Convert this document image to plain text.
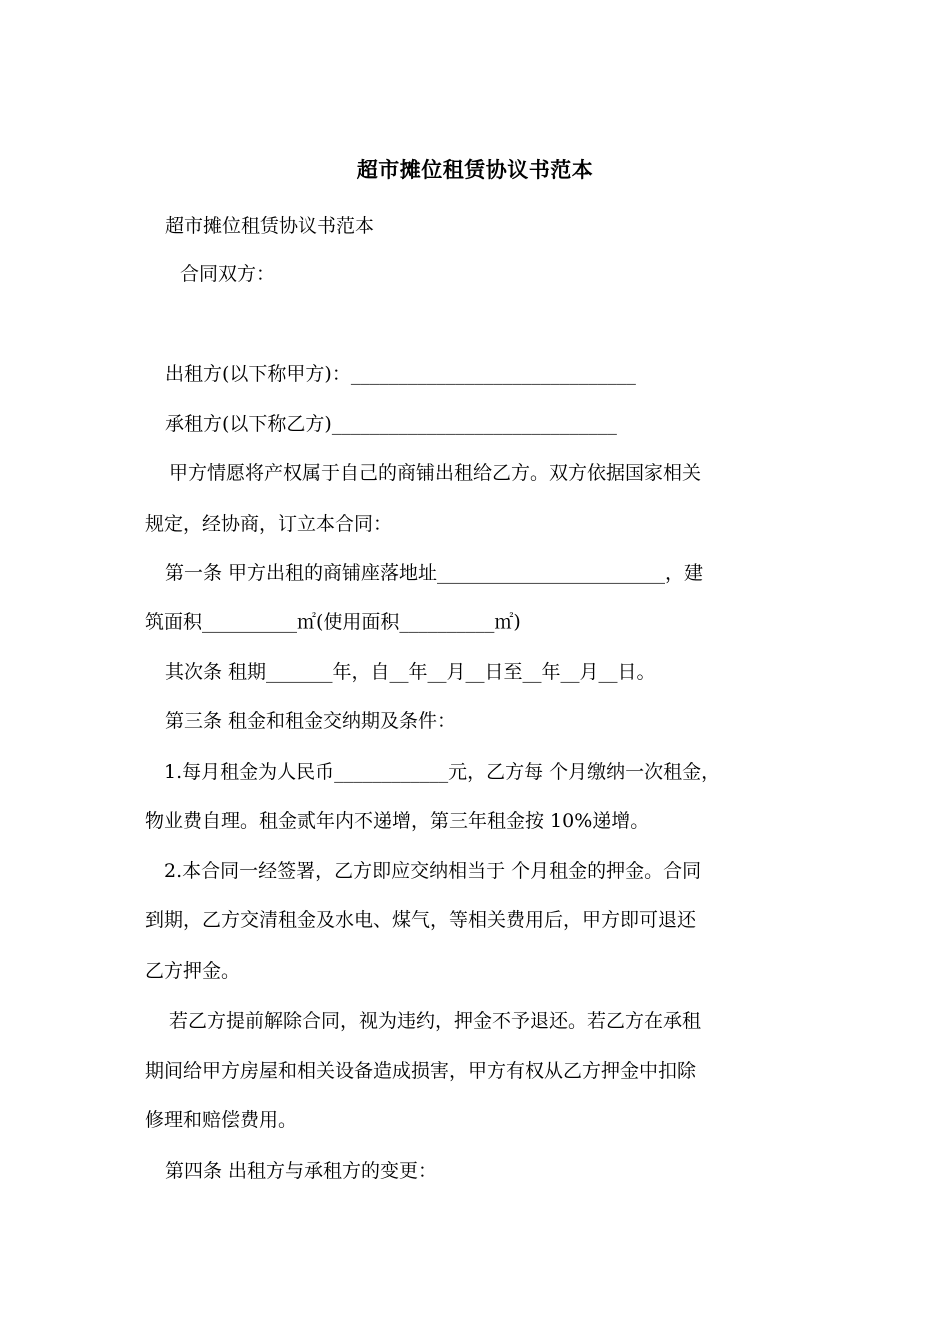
超市摊位租赁协议书范本
超市摊位租赁协议书范本
合同双方：
出租方(以下称甲方)：______________________________
承租方(以下称乙方)______________________________
甲方情愿将产权属于自己的商铺出租给乙方。双方依据国家相关
规定，经协商，订立本合同：
第一条 甲方出租的商铺座落地址________________________，建
筑面积__________㎡(使用面积__________㎡)
其次条 租期_______年，自__年__月__日至__年__月__日。
第三条 租金和租金交纳期及条件：
1.每月租金为人民币____________元，乙方每 个月缴纳一次租金，
物业费自理。租金贰年内不递增，第三年租金按 10%递增。
2.本合同一经签署，乙方即应交纳相当于 个月租金的押金。合同
到期，乙方交清租金及水电、煤气，等相关费用后，甲方即可退还
乙方押金。
若乙方提前解除合同，视为违约，押金不予退还。若乙方在承租
期间给甲方房屋和相关设备造成损害，甲方有权从乙方押金中扣除
修理和赔偿费用。
第四条 出租方与承租方的变更：
